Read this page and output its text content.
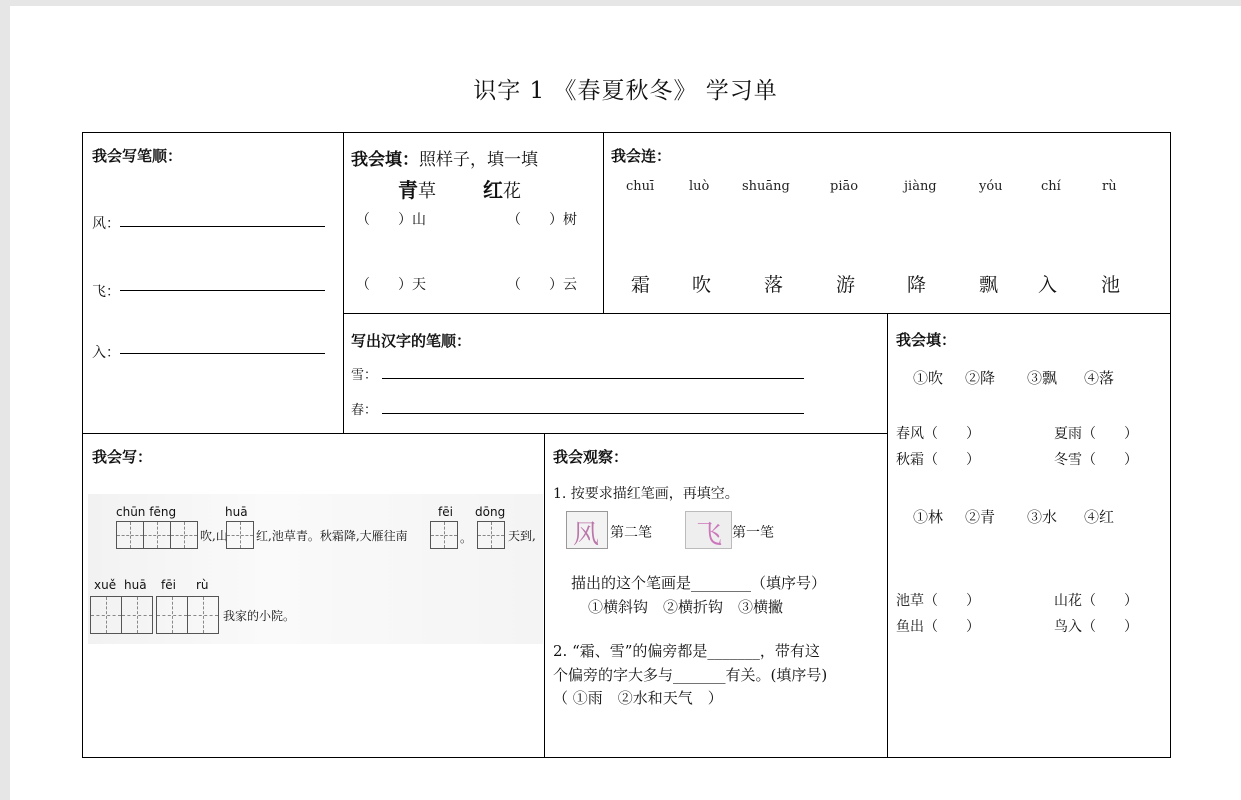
识字 1 《春夏秋冬》 学习单
我会写笔顺：
风：
飞：
入：
我会填：照样子，填一填
青草 红花
（　　）山	（　　）树
（　　）天	（　　）云
我会连：
chuī	luò	shuāng	piāo	jiàng	yóu	chí	rù
霜 吹	落	游	降	飘 入 池
写出汉字的笔顺：
雪：
春：
我会填：
①吹 ②降 ③飘 ④落
春风（　　）	夏雨（　　）
秋霜（　　）	冬雪（　　）
①林 ②青 ③水 ④红
池草（　　）	山花（　　）
鱼出（　　）	鸟入（　　）
我会写：
chūn fēng
吹,山
huā
红,池草青。秋霜降,大雁往南
fēi
。
dōng
天到,
xuě huā fēi rù
我家的小院。
我会观察：
1. 按要求描红笔画，再填空。
风 第二笔 飞 第一笔
描出的这个笔画是________（填序号）
①横斜钩　②横折钩　③横撇
2. “霜、雪”的偏旁都是_______，带有这
个偏旁的字大多与_______有关。(填序号)
（ ①雨　②水和天气　）
